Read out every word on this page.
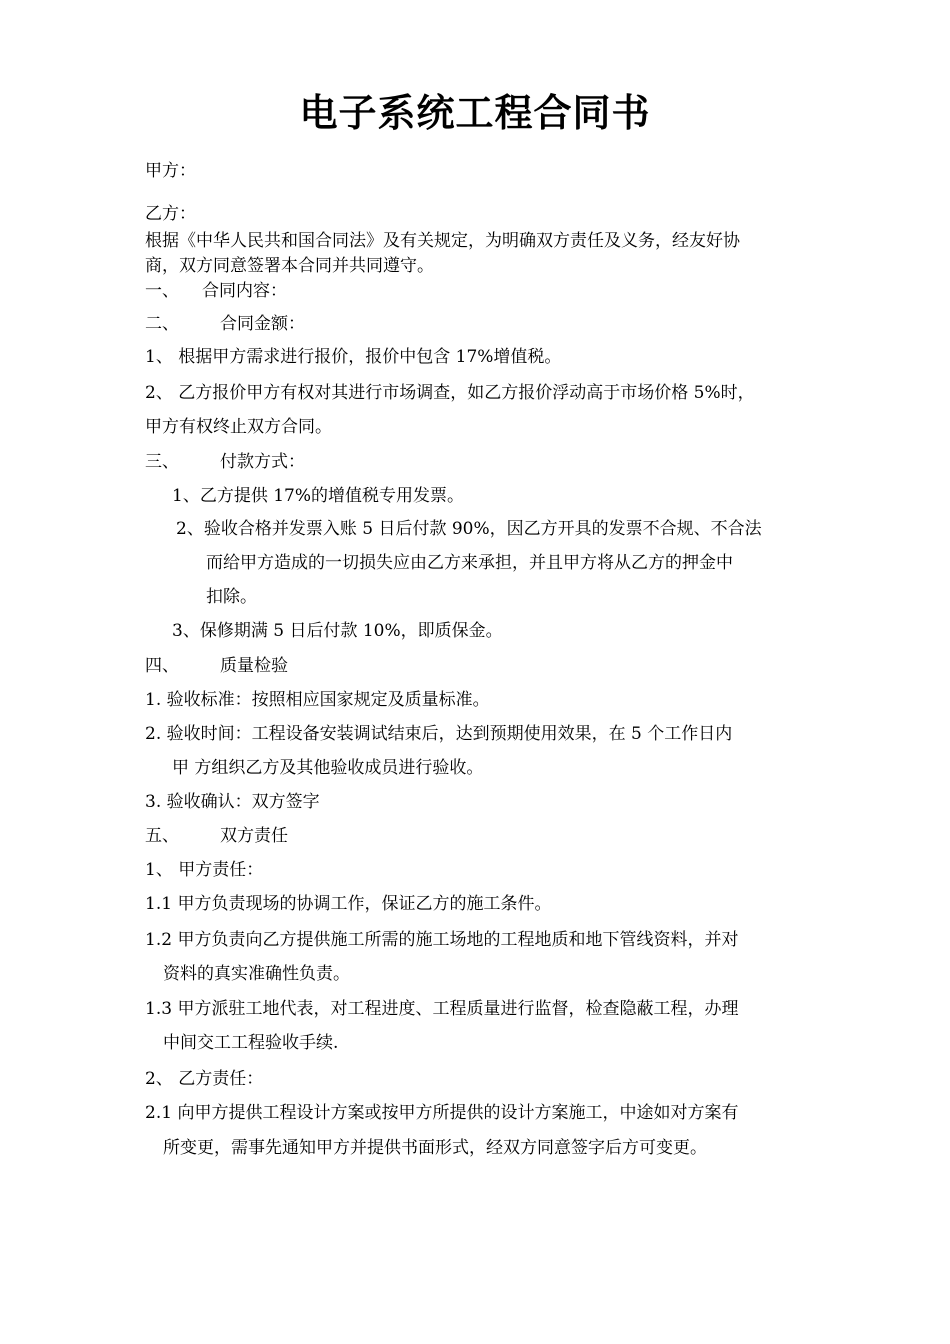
电子系统工程合同书
甲方：
乙方：
根据《中华人民共和国合同法》及有关规定，为明确双方责任及义务，经友好协
商，双方同意签署本合同并共同遵守。
一、 合同内容：
二、 合同金额：
1、 根据甲方需求进行报价，报价中包含 17%增值税。
2、 乙方报价甲方有权对其进行市场调查，如乙方报价浮动高于市场价格 5%时，
甲方有权终止双方合同。
三、 付款方式：
1、乙方提供 17%的增值税专用发票。
2、验收合格并发票入账 5 日后付款 90%，因乙方开具的发票不合规、不合法
而给甲方造成的一切损失应由乙方来承担，并且甲方将从乙方的押金中
扣除。
3、保修期满 5 日后付款 10%，即质保金。
四、 质量检验
1. 验收标准：按照相应国家规定及质量标准。
2. 验收时间：工程设备安装调试结束后，达到预期使用效果，在 5 个工作日内
甲 方组织乙方及其他验收成员进行验收。
3. 验收确认：双方签字
五、 双方责任
1、 甲方责任：
1.1 甲方负责现场的协调工作，保证乙方的施工条件。
1.2 甲方负责向乙方提供施工所需的施工场地的工程地质和地下管线资料，并对
资料的真实准确性负责。
1.3 甲方派驻工地代表，对工程进度、工程质量进行监督，检查隐蔽工程，办理
中间交工工程验收手续.
2、 乙方责任：
2.1 向甲方提供工程设计方案或按甲方所提供的设计方案施工，中途如对方案有
所变更，需事先通知甲方并提供书面形式，经双方同意签字后方可变更。
